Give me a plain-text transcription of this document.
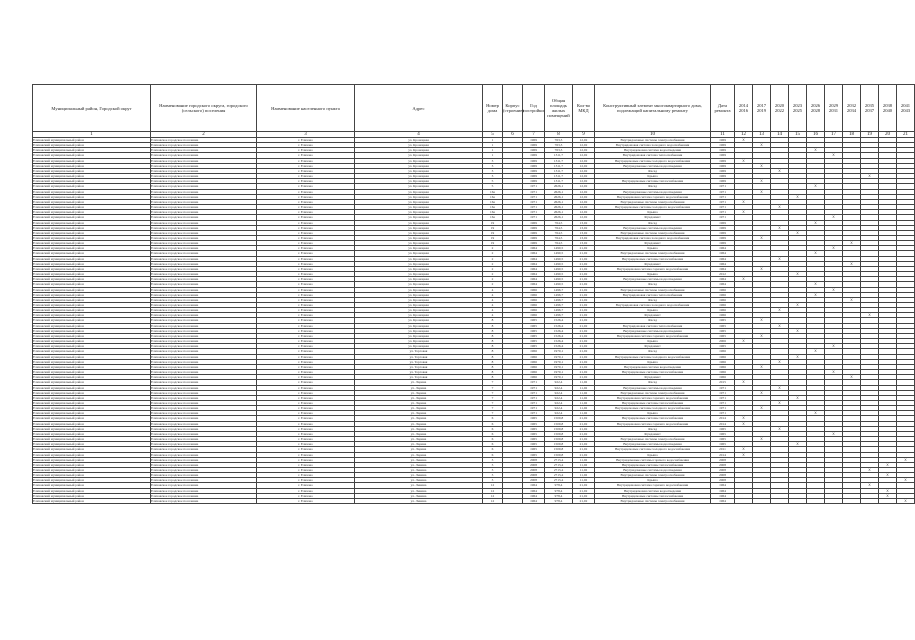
Муниципальный район, Городской округ	Наименование городского округа, городского (сельского) поселения	Наименование населенного пункта	Адрес	Номер дома	Корпус (строение)	Год постройки	Общая площадь жилых помещений	Кол-во МКД	Конструктивный элемент многоквартирного дома, подлежащий капитальному ремонту	Дата ремонта	2014 2016	2017 2019	2020 2022	2023 2025	2026 2028	2029 2031	2032 2034	2035 2037	2038 2040	2041 2043
1	2	3	4	5	6	7	8	9	10	11	12	13	14	15	16	17	18	19	20	21
Елизовский муниципальный район	Елизовское городское поселение	г. Елизово	ул. Кроноцкая	1		1969	763,3	12,02	Внутридомовые системы электроснабжения	1969	X									
Елизовский муниципальный район	Елизовское городское поселение	г. Елизово	ул. Кроноцкая	1		1969	763,3	12,02	Внутридомовая система холодного водоснабжения	1969		X								
Елизовский муниципальный район	Елизовское городское поселение	г. Елизово	ул. Кроноцкая	1		1969	763,3	12,02	Внутридомовая система водоотведения	1969					X					
Елизовский муниципальный район	Елизовское городское поселение	г. Елизово	ул. Кроноцкая	1		1969	1311,7	12,02	Внутридомовая система теплоснабжения	1969						X				
Елизовский муниципальный район	Елизовское городское поселение	г. Елизово	ул. Кроноцкая	3		1969	1311,7	12,02	Внутридомовые системы холодного водоснабжения	1969	X									
Елизовский муниципальный район	Елизовское городское поселение	г. Елизово	ул. Кроноцкая	3		1969	1311,7	12,02	Внутридомовые системы водоотведения	1969		X								
Елизовский муниципальный район	Елизовское городское поселение	г. Елизово	ул. Кроноцкая	3		1969	1311,7	12,02	Фасад	1969			X							
Елизовский муниципальный район	Елизовское городское поселение	г. Елизово	ул. Кроноцкая	3		1969	1311,7	12,02	Крыша	1969								X		
Елизовский муниципальный район	Елизовское городское поселение	г. Елизово	ул. Кроноцкая	5		1969	1311,7	12,02	Внутридомовые системы теплоснабжения	1969		X								
Елизовский муниципальный район	Елизовское городское поселение	г. Елизово	ул. Кроноцкая	5		1971	2626,1	12,02	Фасад	1971					X					
Елизовский муниципальный район	Елизовское городское поселение	г. Елизово	ул. Кроноцкая	16а		1971	2626,1	12,02	Внутридомовые системы водоотведения	1971		X								
Елизовский муниципальный район	Елизовское городское поселение	г. Елизово	ул. Кроноцкая	16а		1971	2626,1	12,02	Внутридомовая система горячего водоснабжения	1971				X						
Елизовский муниципальный район	Елизовское городское поселение	г. Елизово	ул. Кроноцкая	16а		1971	2626,1	12,02	Внутридомовые системы электроснабжения	1971	X									
Елизовский муниципальный район	Елизовское городское поселение	г. Елизово	ул. Кроноцкая	16а		1971	2626,1	12,02	Внутридомовые системы холодного водоснабжения	1971			X							
Елизовский муниципальный район	Елизовское городское поселение	г. Елизово	ул. Кроноцкая	16а		1971	2626,1	12,02	Крыша	1971	X									
Елизовский муниципальный район	Елизовское городское поселение	г. Елизово	ул. Кроноцкая	16а		1971	2626,1	12,02	Фундамент	1971						X				
Елизовский муниципальный район	Елизовское городское поселение	г. Елизово	ул. Кроноцкая	19		1969	764,5	13,02	Фасад	1969					X					
Елизовский муниципальный район	Елизовское городское поселение	г. Елизово	ул. Кроноцкая	19		1969	764,5	13,02	Внутридомовые системы водоотведения	1969			X							
Елизовский муниципальный район	Елизовское городское поселение	г. Елизово	ул. Кроноцкая	19		1969	764,5	13,02	Внутридомовые системы электроснабжения	1969				X						
Елизовский муниципальный район	Елизовское городское поселение	г. Елизово	ул. Кроноцкая	19		1969	764,5	13,02	Внутридомовая система холодного водоснабжения	1969		X								
Елизовский муниципальный район	Елизовское городское поселение	г. Елизово	ул. Кроноцкая	19		1969	764,5	13,02	Фундамент	1969							X			
Елизовский муниципальный район	Елизовское городское поселение	г. Елизово	ул. Кроноцкая	2		1964	1490,5	21,02	Крыша	1964						X				
Елизовский муниципальный район	Елизовское городское поселение	г. Елизово	ул. Кроноцкая	2		1964	1490,5	21,02	Внутридомовые системы электроснабжения	1964					X					
Елизовский муниципальный район	Елизовское городское поселение	г. Елизово	ул. Кроноцкая	2		1964	1490,5	21,02	Внутридомовые системы теплоснабжения	1964			X							
Елизовский муниципальный район	Елизовское городское поселение	г. Елизово	ул. Кроноцкая	2		1964	1490,5	21,02	Фундамент	1964							X			
Елизовский муниципальный район	Елизовское городское поселение	г. Елизово	ул. Кроноцкая	2		1964	1490,5	21,02	Внутридомовая система горячего водоснабжения	1964		X								
Елизовский муниципальный район	Елизовское городское поселение	г. Елизово	ул. Кроноцкая	2		1964	1490,5	21,02	Крыша	2012				X						
Елизовский муниципальный район	Елизовское городское поселение	г. Елизово	ул. Кроноцкая	2		1964	1490,5	21,02	Внутридомовые системы водоотведения	1964	X									
Елизовский муниципальный район	Елизовское городское поселение	г. Елизово	ул. Кроноцкая	2		1964	1490,5	21,02	Фасад	1964					X					
Елизовский муниципальный район	Елизовское городское поселение	г. Елизово	ул. Кроноцкая	4		1966	1496,7	21,02	Внутридомовые системы электроснабжения	1966						X				
Елизовский муниципальный район	Елизовское городское поселение	г. Елизово	ул. Кроноцкая	4		1966	1496,7	21,02	Внутридомовая система теплоснабжения	1966					X					
Елизовский муниципальный район	Елизовское городское поселение	г. Елизово	ул. Кроноцкая	4		1966	1496,7	21,02	Фасад	1966							X			
Елизовский муниципальный район	Елизовское городское поселение	г. Елизово	ул. Кроноцкая	4		1966	1496,7	21,02	Внутридомовая система холодного водоснабжения	1966				X						
Елизовский муниципальный район	Елизовское городское поселение	г. Елизово	ул. Кроноцкая	4		1966	1496,7	21,02	Крыша	1966			X							
Елизовский муниципальный район	Елизовское городское поселение	г. Елизово	ул. Кроноцкая	4		1966	1496,7	21,02	Фундамент	1966								X		
Елизовский муниципальный район	Елизовское городское поселение	г. Елизово	ул. Кроноцкая	8		1965	1526,4	21,02	Фасад	1965		X								
Елизовский муниципальный район	Елизовское городское поселение	г. Елизово	ул. Кроноцкая	8		1965	1526,4	21,02	Внутридомовая система теплоснабжения	1965			X							
Елизовский муниципальный район	Елизовское городское поселение	г. Елизово	ул. Кроноцкая	8		1965	1526,4	21,02	Внутридомовые системы водоотведения	1965				X						
Елизовский муниципальный район	Елизовское городское поселение	г. Елизово	ул. Кроноцкая	8		1965	1526,4	21,02	Внутридомовая система горячего водоснабжения	1965		X								
Елизовский муниципальный район	Елизовское городское поселение	г. Елизово	ул. Кроноцкая	8		1965	1526,4	21,02	Крыша	2006	X									
Елизовский муниципальный район	Елизовское городское поселение	г. Елизово	ул. Кроноцкая	8		1965	1526,4	21,02	Фундамент	1965						X				
Елизовский муниципальный район	Елизовское городское поселение	г. Елизово	ул. Торговая	8		1966	1970,1	21,02	Фасад	1966					X					
Елизовский муниципальный район	Елизовское городское поселение	г. Елизово	ул. Торговая	8		1966	1970,1	21,02	Внутридомовые системы холодного водоснабжения	1966				X						
Елизовский муниципальный район	Елизовское городское поселение	г. Елизово	ул. Торговая	8		1966	1970,1	21,02	Крыша	1966			X							
Елизовский муниципальный район	Елизовское городское поселение	г. Елизово	ул. Торговая	8		1966	1970,1	21,02	Внутридомовая система водоотведения	1966		X								
Елизовский муниципальный район	Елизовское городское поселение	г. Елизово	ул. Торговая	8		1966	1970,1	21,02	Внутридомовые системы теплоснабжения	1966						X				
Елизовский муниципальный район	Елизовское городское поселение	г. Елизово	ул. Торговая	8		1966	1970,1	21,02	Фундамент	1966							X			
Елизовский муниципальный район	Елизовское городское поселение	г. Елизово	ул. Ларина	7		1971	922,4	11,02	Фасад	2015	X									
Елизовский муниципальный район	Елизовское городское поселение	г. Елизово	ул. Ларина	7		1971	922,4	11,02	Внутридомовые системы водоотведения	1971			X							
Елизовский муниципальный район	Елизовское городское поселение	г. Елизово	ул. Ларина	7		1971	922,4	11,02	Внутридомовые системы электроснабжения	1971		X								
Елизовский муниципальный район	Елизовское городское поселение	г. Елизово	ул. Ларина	7		1971	922,4	11,02	Внутридомовая система горячего водоснабжения	1971				X						
Елизовский муниципальный район	Елизовское городское поселение	г. Елизово	ул. Ларина	7		1971	922,4	11,02	Внутридомовые системы теплоснабжения	1971			X							
Елизовский муниципальный район	Елизовское городское поселение	г. Елизово	ул. Ларина	7		1971	922,4	11,02	Внутридомовые системы холодного водоснабжения	1971		X								
Елизовский муниципальный район	Елизовское городское поселение	г. Елизово	ул. Ларина	7		1971	922,4	11,02	Крыша	1971					X					
Елизовский муниципальный район	Елизовское городское поселение	г. Елизово	ул. Ларина	6		1965	1509,8	21,02	Внутридомовые системы теплоснабжения	2014	X									
Елизовский муниципальный район	Елизовское городское поселение	г. Елизово	ул. Ларина	6		1965	1509,8	21,02	Внутридомовая система горячего водоснабжения	2014	X									
Елизовский муниципальный район	Елизовское городское поселение	г. Елизово	ул. Ларина	6		1965	1509,8	21,02	Фасад	1965			X							
Елизовский муниципальный район	Елизовское городское поселение	г. Елизово	ул. Ларина	6		1965	1509,8	21,02	Фундамент	1965						X				
Елизовский муниципальный район	Елизовское городское поселение	г. Елизово	ул. Ларина	6		1965	1509,8	21,02	Внутридомовые системы электроснабжения	1965		X								
Елизовский муниципальный район	Елизовское городское поселение	г. Елизово	ул. Ларина	6		1965	1509,8	21,02	Внутридомовые системы водоотведения	1965				X						
Елизовский муниципальный район	Елизовское городское поселение	г. Елизово	ул. Ларина	6		1965	1509,8	21,02	Внутридомовые системы холодного водоснабжения	2011	X									
Елизовский муниципальный район	Елизовское городское поселение	г. Елизово	ул. Ларина	6		1965	1509,8	21,02	Крыша	2014	X									
Елизовский муниципальный район	Елизовское городское поселение	г. Елизово	ул. Ленина	3		2008	2713,4	11,02	Внутридомовые системы горячего водоснабжения	2008										X
Елизовский муниципальный район	Елизовское городское поселение	г. Елизово	ул. Ленина	3		2008	2713,4	11,02	Внутридомовые системы теплоснабжения	2008									X	
Елизовский муниципальный район	Елизовское городское поселение	г. Елизово	ул. Ленина	3		2008	2713,4	11,02	Внутридомовые системы водоотведения	2008								X		
Елизовский муниципальный район	Елизовское городское поселение	г. Елизово	ул. Ленина	3		2008	2713,4	11,02	Внутридомовые системы электроснабжения	2008									X	
Елизовский муниципальный район	Елизовское городское поселение	г. Елизово	ул. Ленина	3		2008	2713,4	11,02	Крыша	2008										X
Елизовский муниципальный район	Елизовское городское поселение	г. Елизово	ул. Ленина	12		1964	978,4	21,02	Внутридомовая система горячего водоснабжения	1964								X		
Елизовский муниципальный район	Елизовское городское поселение	г. Елизово	ул. Ленина	12		1964	978,4	21,02	Внутридомовая система водоотведения	1964									X	
Елизовский муниципальный район	Елизовское городское поселение	г. Елизово	ул. Ленина	12		1964	978,4	21,02	Внутридомовые системы теплоснабжения	1964									X	
Елизовский муниципальный район	Елизовское городское поселение	г. Елизово	ул. Ленина	12		1964	978,4	21,02	Внутридомовые системы электроснабжения	1964										X
